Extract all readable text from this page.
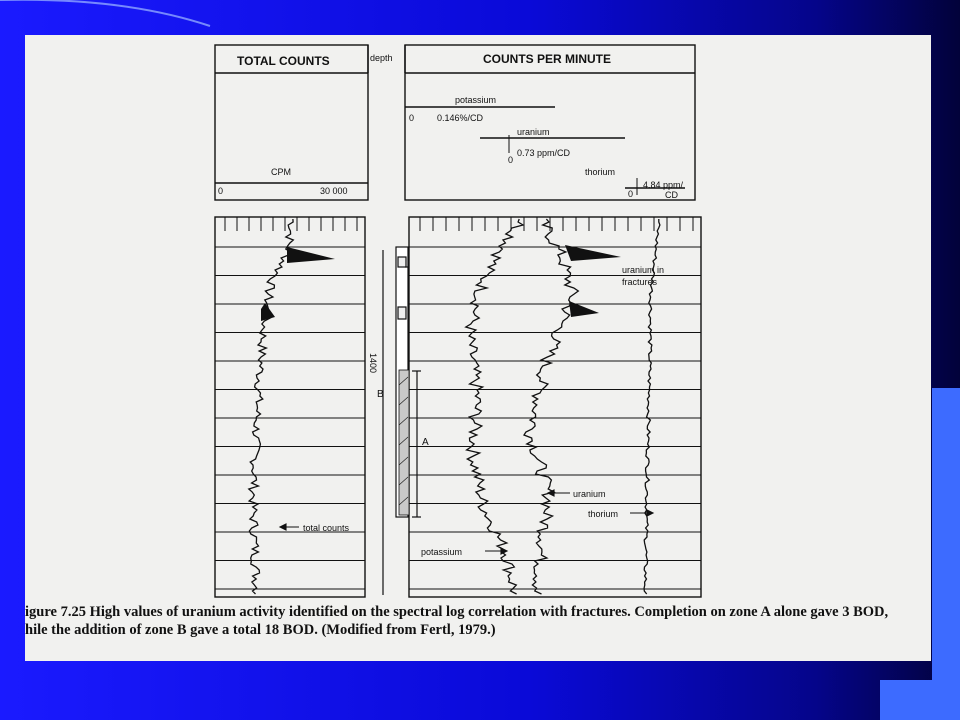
TOTAL COUNTS
CPM
0	30 000
depth	COUNTS PER MINUTE
potassium
0	0.146%/CD
uranium
0
0.73 ppm/CD
thorium
0
4.84 ppm/
CD
1400
B
A
uranium in
fractures
total counts
uranium
thorium
potassium
igure 7.25 High values of uranium activity identified on the spectral log correlation with fractures. Completion on zone A alone gave 3 BOD,
hile the addition of zone B gave a total 18 BOD. (Modified from Fertl, 1979.)
